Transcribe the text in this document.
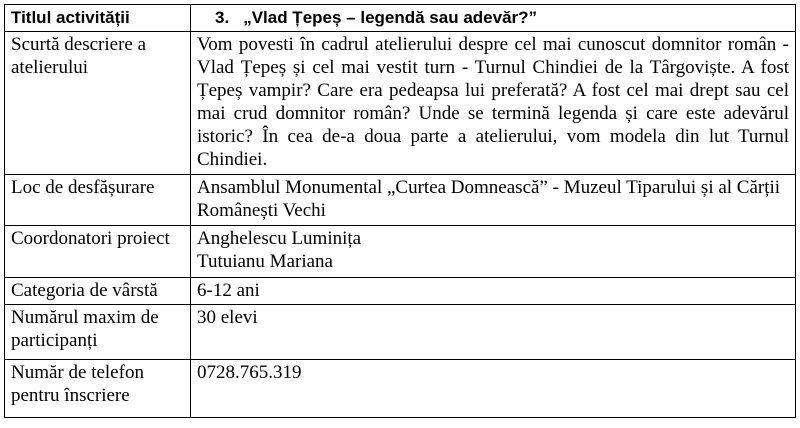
Titlul activității	3. „Vlad Țepeș – legendă sau adevăr?”
Scurtă descriere a atelierului	Vom povesti în cadrul atelierului despre cel mai cunoscut domnitor român - Vlad Țepeș și cel mai vestit turn - Turnul Chindiei de la Târgoviște. A fost Țepeș vampir? Care era pedeapsa lui preferată? A fost cel mai drept sau cel mai crud domnitor român? Unde se termină legenda și care este adevărul istoric? În cea de-a doua parte a atelierului, vom modela din lut Turnul Chindiei.
Loc de desfășurare	Ansamblul Monumental „Curtea Domnească” - Muzeul Tiparului și al Cărții Românești Vechi
Coordonatori proiect	Anghelescu Luminița
Tutuianu Mariana

Categoria de vârstă	6-12 ani
Numărul maxim de participanți	30 elevi
Număr de telefon pentru înscriere	0728.765.319
